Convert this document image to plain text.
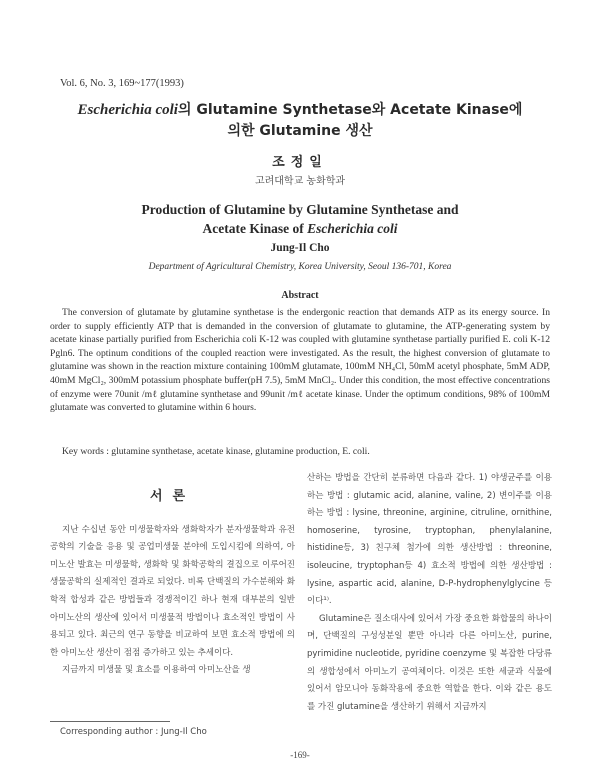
Vol. 6, No. 3, 169~177(1993)
Escherichia coli의 Glutamine Synthetase와 Acetate Kinase에
의한 Glutamine 생산
조정일
고려대학교 농화학과
Production of Glutamine by Glutamine Synthetase and
Acetate Kinase of Escherichia coli
Jung-Il Cho
Department of Agricultural Chemistry, Korea University, Seoul 136-701, Korea
Abstract

The conversion of glutamate by glutamine synthetase is the endergonic reaction that demands ATP as its energy source. In order to supply efficiently ATP that is demanded in the conversion of glutamate to glutamine, the ATP-generating system by acetate kinase partially purified from Escherichia coli K-12 was coupled with glutamine synthetase partially purified E. coli K-12 Pgln6. The optinum conditions of the coupled reaction were investigated. As the result, the highest conversion of glutamate to glutamine was shown in the reaction mixture containing 100mM glutamate, 100mM NH₄Cl, 50mM acetyl phosphate, 5mM ADP, 40mM MgCl₂, 300mM potassium phosphate buffer(pH 7.5), 5mM MnCl₂. Under this condition, the most effective concentrations of enzyme were 70unit /mℓ glutamine synthetase and 99unit /mℓ acetate kinase. Under the optimum conditions, 98% of 100mM glutamate was converted to glutamine within 6 hours.

Key words : glutamine synthetase, acetate kinase, glutamine production, E. coli.
서론

지난 수십년 동안 미생물학자와 생화학자가 분자생물학과 유전공학의 기술을 응용 및 공업미생물 분야에 도입시킴에 의하여, 아미노산 발효는 미생물학, 생화학 및 화학공학의 결집으로 이루어진 생물공학의 실제적인 결과로 되었다. 비록 단백질의 가수분해와 화학적 합성과 같은 방법들과 경쟁적이긴 하나 현재 대부분의 일반 아미노산의 생산에 있어서 미생물적 방법이나 효소적인 방법이 사용되고 있다. 최근의 연구 동향을 비교하여 보면 효소적 방법에 의한 아미노산 생산이 점점 증가하고 있는 추세이다.

지금까지 미생물 및 효소를 이용하여 아미노산을 생

산하는 방법을 간단히 분류하면 다음과 같다. 1) 야생균주를 이용하는 방법 : glutamic acid, alanine, valine, 2) 변이주를 이용하는 방법 : lysine, threonine, arginine, citruline, ornithine, homoserine, tyrosine, tryptophan, phenylalanine, histidine등, 3) 친구체 첨가에 의한 생산방법 : threonine, isoleucine, tryptophan등 4) 효소적 방법에 의한 생산방법 : lysine, aspartic acid, alanine, D-P-hydrophenylglycine 등이다¹⁾.

Glutamine은 질소대사에 있어서 가장 중요한 화합물의 하나이며, 단백질의 구성성분일 뿐만 아니라 다른 아미노산, purine, pyrimidine nucleotide, pyridine coenzyme 및 복잡한 다당류의 생합성에서 아미노기 공여체이다. 이것은 또한 세균과 식물에 있어서 암모니아 동화작용에 중요한 역할을 한다. 이와 같은 용도를 가진 glutamine을 생산하기 위해서 지금까지

Corresponding author : Jung-Il Cho
-169-
